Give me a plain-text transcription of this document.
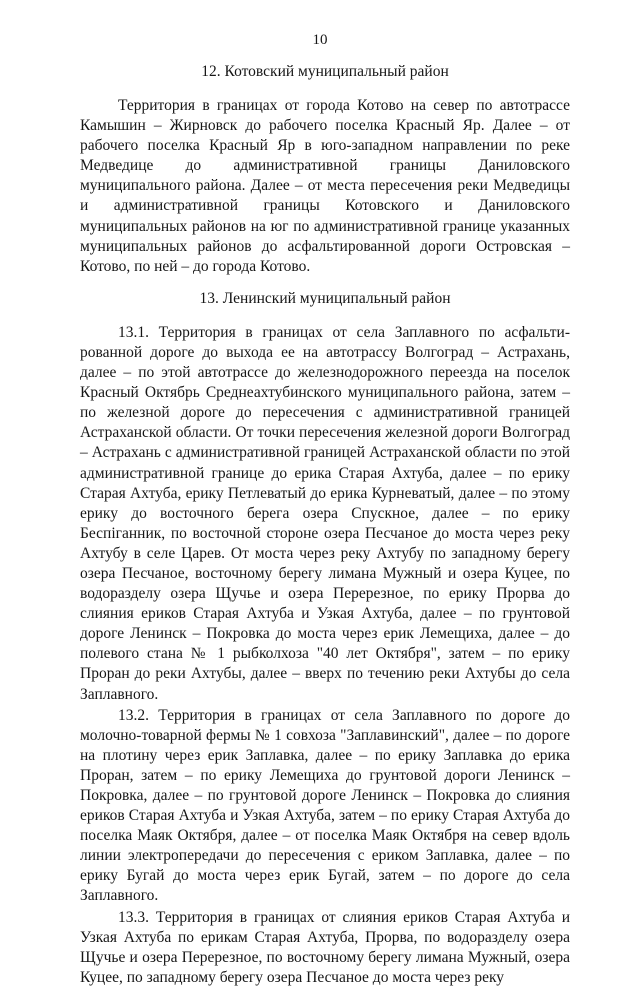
10
12. Котовский муниципальный район

Территория в границах от города Котово на север по автотрассе Камышин – Жирновск до рабочего поселка Красный Яр. Далее – от рабочего поселка Красный Яр в юго-западном направлении по реке Медведице до административной границы Даниловского муниципального района. Далее – от места пересечения реки Медведицы и административной границы Котовского и Даниловского муниципальных районов на юг по административной границе указанных муниципальных районов до асфальтированной дороги Островская – Котово, по ней – до города Котово.

13. Ленинский муниципальный район

13.1. Территория в границах от села Заплавного по асфальтированной дороге до выхода ее на автотрассу Волгоград – Астрахань, далее – по этой автотрассе до железнодорожного переезда на поселок Красный Октябрь Среднеахтубинского муниципального района, затем – по железной дороге до пересечения с административной границей Астраханской области. От точки пересечения железной дороги Волгоград – Астрахань с административной границей Астраханской области по этой административной границе до ерика Старая Ахтуба, далее – по ерику Старая Ахтуба, ерику Петлеватый до ерика Курневатый, далее – по этому ерику до восточного берега озера Спускное, далее – по ерику Беспіганник, по восточной стороне озера Песчаное до моста через реку Ахтубу в селе Царев. От моста через реку Ахтубу по западному берегу озера Песчаное, восточному берегу лимана Мужный и озера Куцее, по водоразделу озера Щучье и озера Перерезное, по ерику Прорва до слияния ериков Старая Ахтуба и Узкая Ахтуба, далее – по грунтовой дороге Ленинск – Покровка до моста через ерик Лемещиха, далее – до полевого стана № 1 рыбколхоза "40 лет Октября", затем – по ерику Проран до реки Ахтубы, далее – вверх по течению реки Ахтубы до села Заплавного.

13.2. Территория в границах от села Заплавного по дороге до молочно-товарной фермы № 1 совхоза "Заплавинский", далее – по дороге на плотину через ерик Заплавка, далее – по ерику Заплавка до ерика Проран, затем – по ерику Лемещиха до грунтовой дороги Ленинск – Покровка, далее – по грунтовой дороге Ленинск – Покровка до слияния ериков Старая Ахтуба и Узкая Ахтуба, затем – по ерику Старая Ахтуба до поселка Маяк Октября, далее – от поселка Маяк Октября на север вдоль линии электропередачи до пересечения с ериком Заплавка, далее – по ерику Бугай до моста через ерик Бугай, затем – по дороге до села Заплавного.

13.3. Территория в границах от слияния ериков Старая Ахтуба и Узкая Ахтуба по ерикам Старая Ахтуба, Прорва, по водоразделу озера Щучье и озера Перерезное, по восточному берегу лимана Мужный, озера Куцее, по западному берегу озера Песчаное до моста через реку
